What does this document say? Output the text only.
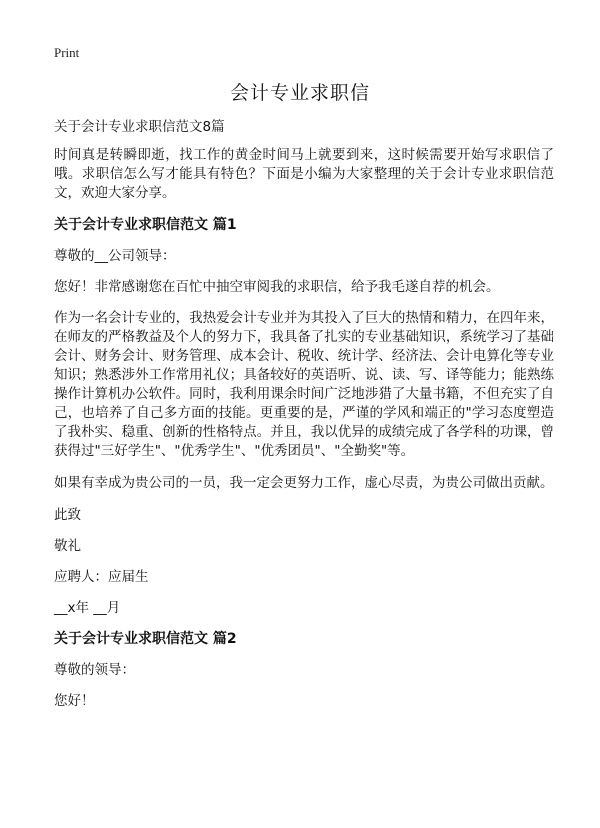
Print
会计专业求职信

关于会计专业求职信范文8篇

时间真是转瞬即逝，找工作的黄金时间马上就要到来，这时候需要开始写求职信了哦。求职信怎么写才能具有特色？下面是小编为大家整理的关于会计专业求职信范文，欢迎大家分享。

关于会计专业求职信范文 篇1

尊敬的__公司领导：

您好！非常感谢您在百忙中抽空审阅我的求职信，给予我毛遂自荐的机会。

作为一名会计专业的，我热爱会计专业并为其投入了巨大的热情和精力，在四年来，在师友的严格教益及个人的努力下，我具备了扎实的专业基础知识，系统学习了基础会计、财务会计、财务管理、成本会计、税收、统计学、经济法、会计电算化等专业知识；熟悉涉外工作常用礼仪；具备较好的英语听、说、读、写、译等能力；能熟练操作计算机办公软件。同时，我利用课余时间广泛地涉猎了大量书籍，不但充实了自己，也培养了自己多方面的技能。更重要的是，严谨的学风和端正的"学习态度塑造了我朴实、稳重、创新的性格特点。并且，我以优异的成绩完成了各学科的功课，曾获得过"三好学生"、"优秀学生"、"优秀团员"、"全勤奖"等。

如果有幸成为贵公司的一员，我一定会更努力工作，虚心尽责，为贵公司做出贡献。

此致

敬礼

应聘人：应届生

__x年 __月

关于会计专业求职信范文 篇2

尊敬的领导：

您好！
